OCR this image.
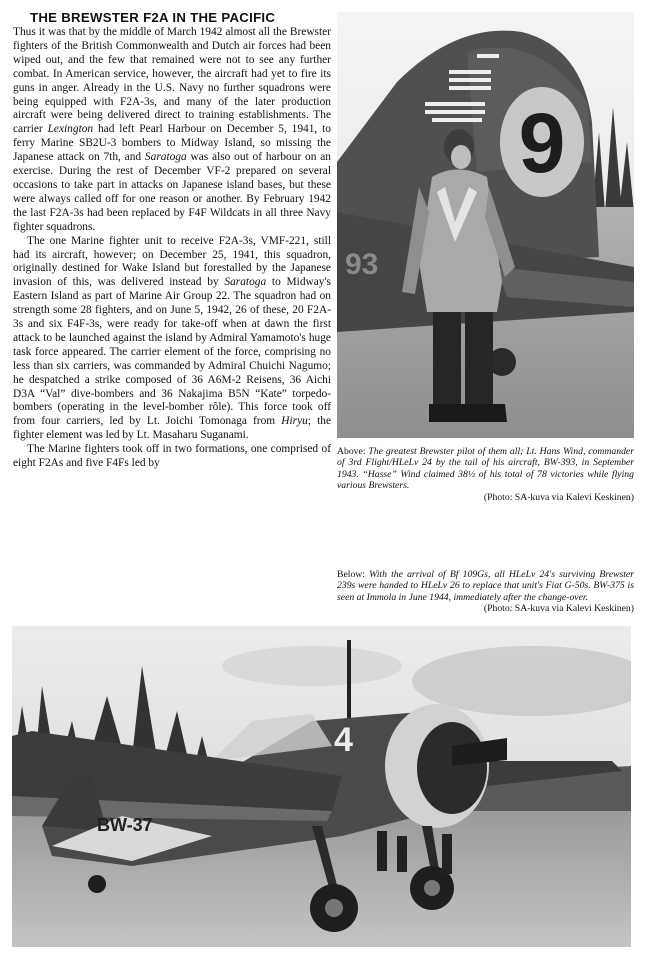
THE BREWSTER F2A IN THE PACIFIC

Thus it was that by the middle of March 1942 almost all the Brewster fighters of the British Commonwealth and Dutch air forces had been wiped out, and the few that remained were not to see any further combat. In American service, however, the aircraft had yet to fire its guns in anger. Already in the U.S. Navy no further squadrons were being equipped with F2A-3s, and many of the later production aircraft were being delivered direct to training establishments. The carrier Lexington had left Pearl Harbour on December 5, 1941, to ferry Marine SB2U-3 bombers to Midway Island, so missing the Japanese attack on 7th, and Saratoga was also out of harbour on an exercise. During the rest of December VF-2 prepared on several occasions to take part in attacks on Japanese island bases, but these were always called off for one reason or another. By February 1942 the last F2A-3s had been replaced by F4F Wildcats in all three Navy fighter squadrons.

The one Marine fighter unit to receive F2A-3s, VMF-221, still had its aircraft, however; on December 25, 1941, this squadron, originally destined for Wake Island but forestalled by the Japanese invasion of this, was delivered instead by Saratoga to Midway's Eastern Island as part of Marine Air Group 22. The squadron had on strength some 28 fighters, and on June 5, 1942, 26 of these, 20 F2A-3s and six F4F-3s, were ready for take-off when at dawn the first attack to be launched against the island by Admiral Yamamoto's huge task force appeared. The carrier element of the force, comprising no less than six carriers, was commanded by Admiral Chuichi Nagumo; he despatched a strike composed of 36 A6M-2 Reisens, 36 Aichi D3A “Val” dive-bombers and 36 Nakajima B5N “Kate” torpedo-bombers (operating in the level-bomber rôle). This force took off from four carriers, led by Lt. Joichi Tomonaga from Hiryu; the fighter element was led by Lt. Masaharu Suganami.

The Marine fighters took off in two formations, one comprised of eight F2As and five F4Fs led by

9
93
Above: The greatest Brewster pilot of them all; Lt. Hans Wind, commander of 3rd Flight/HLeLv 24 by the tail of his aircraft, BW-393, in September 1943. “Hasse” Wind claimed 38½ of his total of 78 victories while flying various Brewsters.
(Photo: SA-kuva via Kalevi Keskinen)
Below: With the arrival of Bf 109Gs, all HLeLv 24's surviving Brewster 239s were handed to HLeLv 26 to replace that unit's Fiat G-50s. BW-375 is seen at Immola in June 1944, immediately after the change-over.
(Photo: SA-kuva via Kalevi Keskinen)
BW-37
4
